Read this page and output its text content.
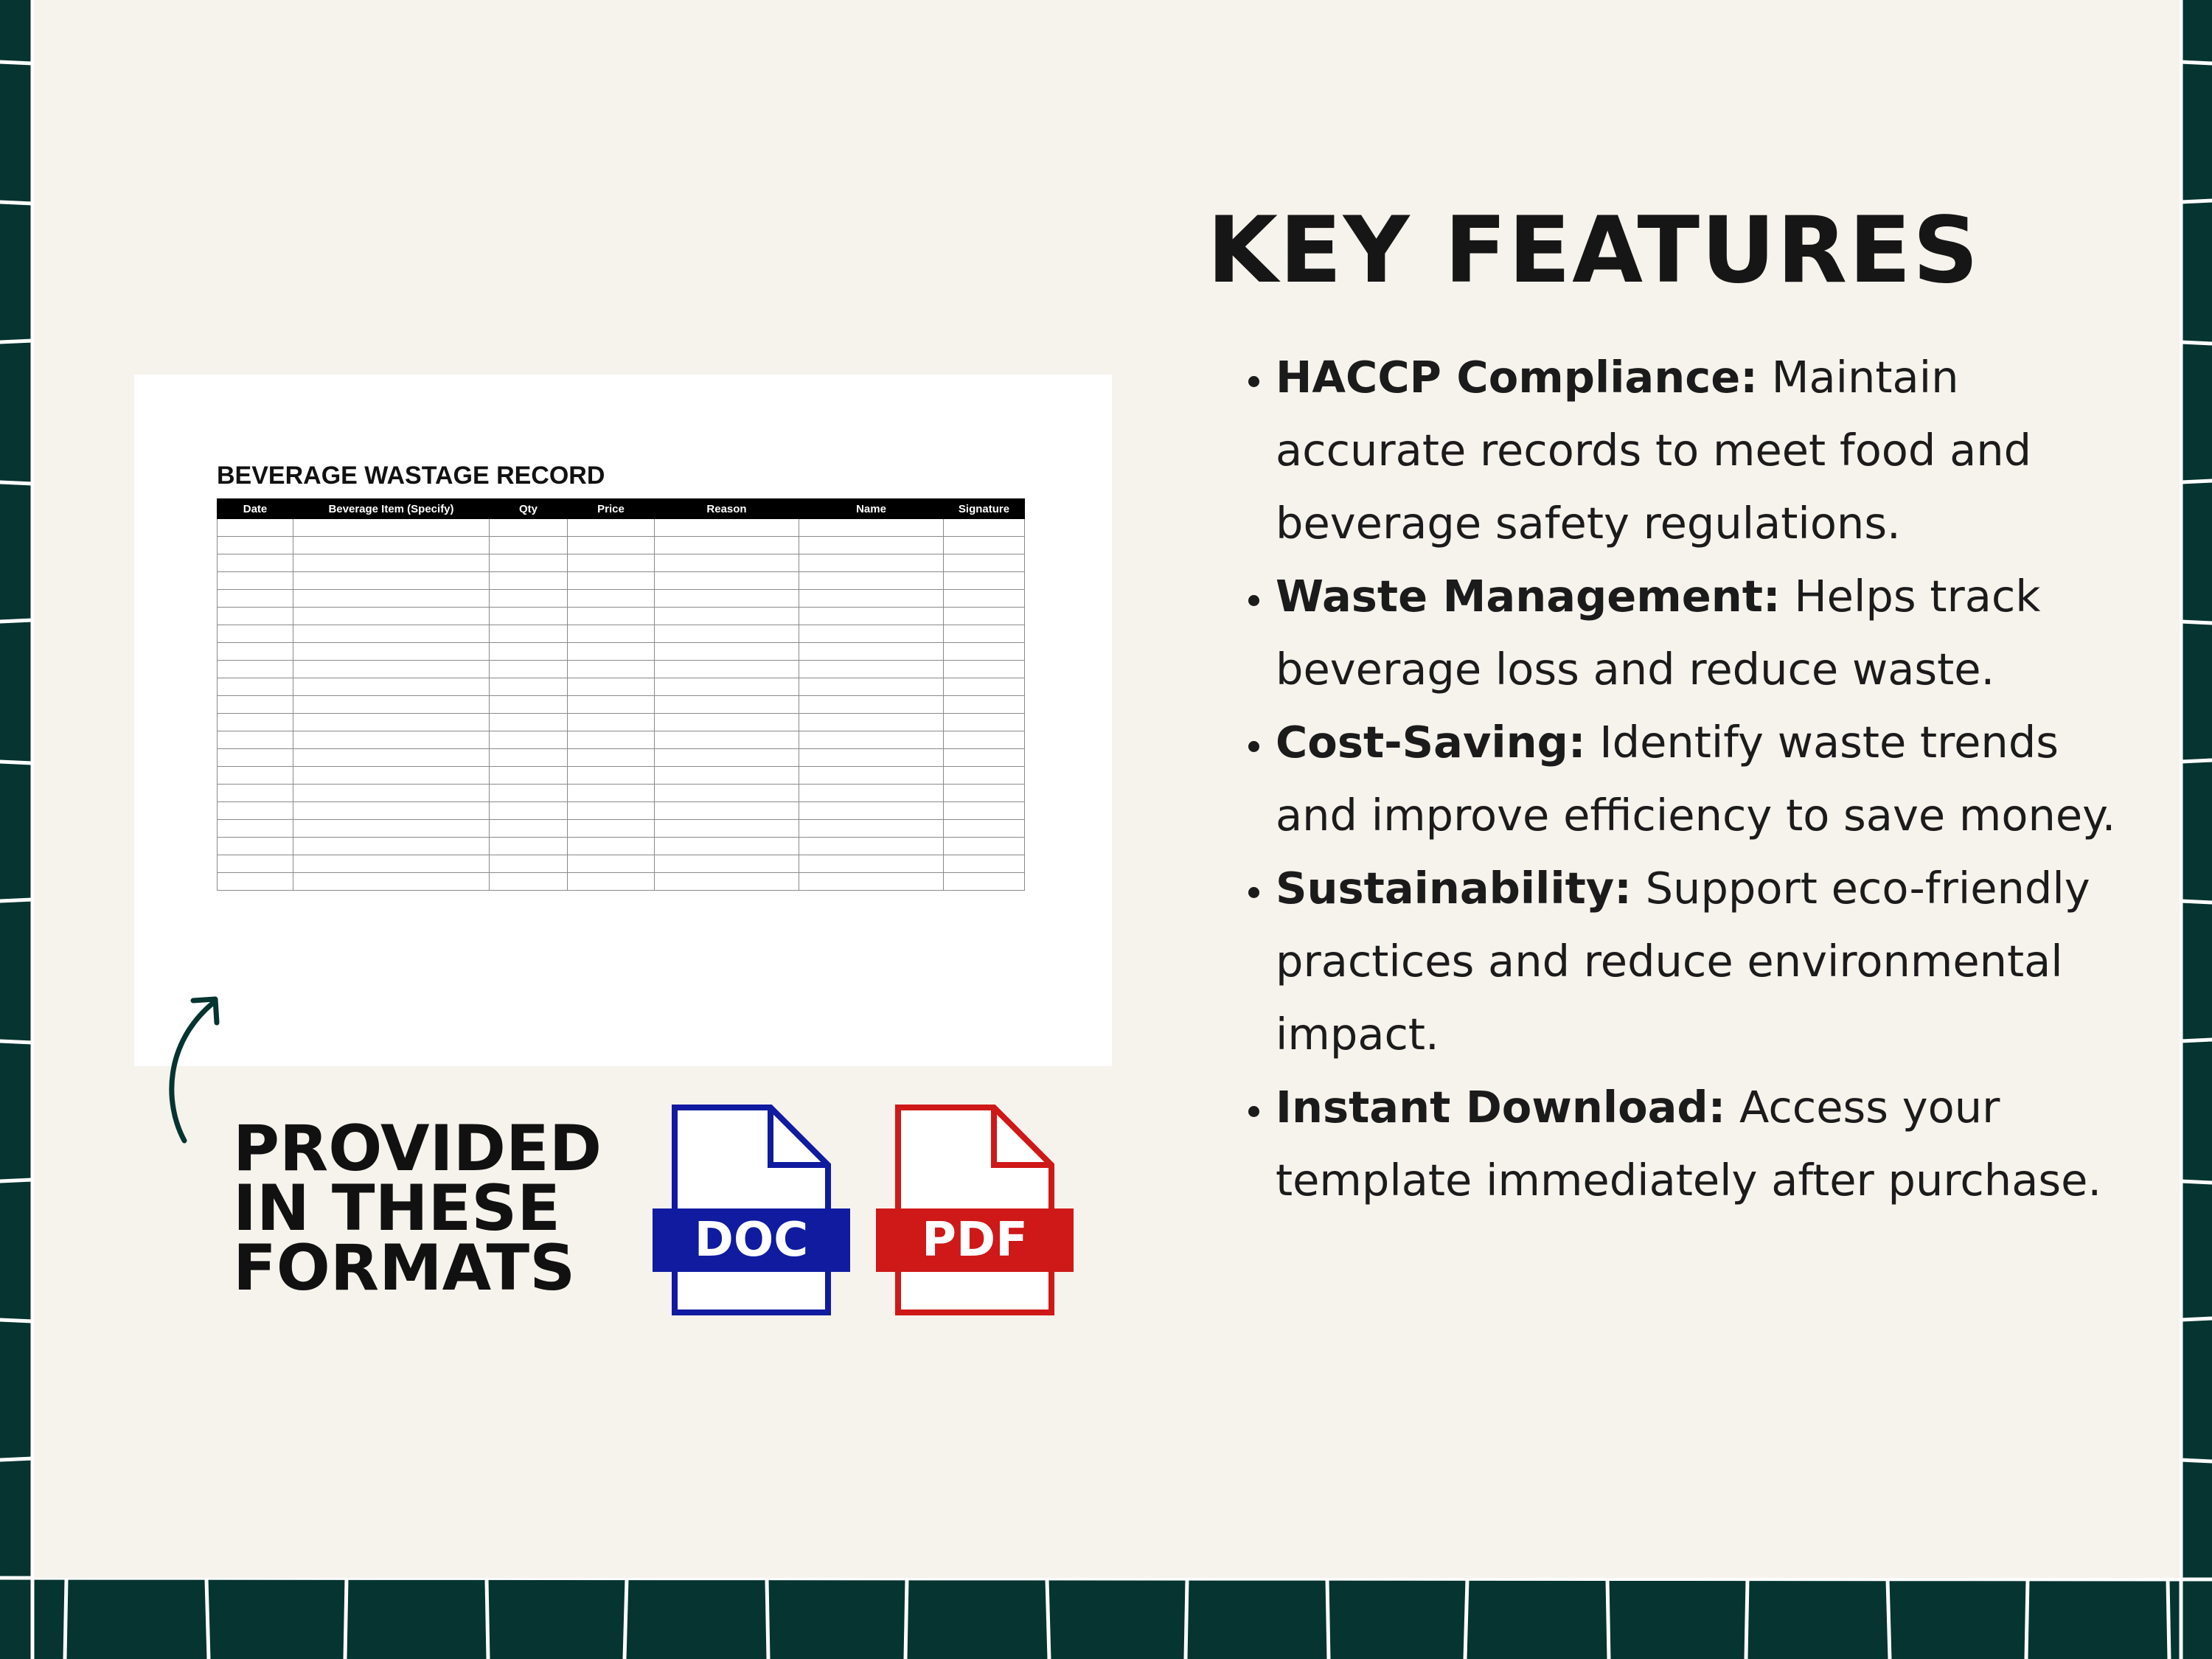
BEVERAGE WASTAGE RECORD
Date	Beverage Item (Specify)	Qty	Price	Reason	Name	Signature

KEY FEATURES
• HACCP Compliance: Maintain accurate records to meet food and beverage safety regulations.
• Waste Management: Helps track beverage loss and reduce waste.
• Cost-Saving: Identify waste trends and improve efficiency to save money.
• Sustainability: Support eco-friendly practices and reduce environmental impact.
• Instant Download: Access your template immediately after purchase.
PROVIDED
IN THESE
FORMATS	DOC	PDF
